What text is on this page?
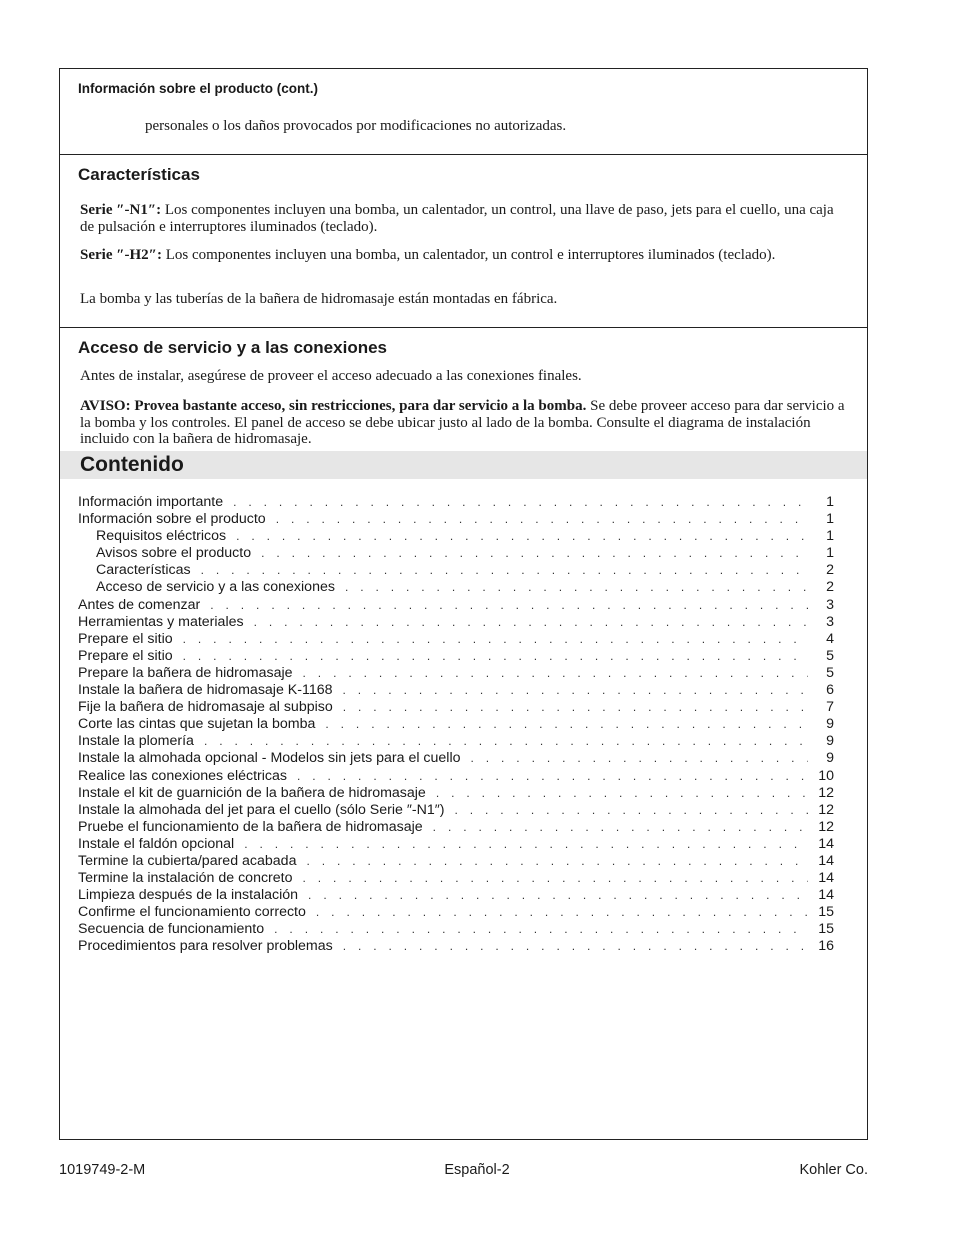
Información sobre el producto (cont.)
personales o los daños provocados por modificaciones no autorizadas.
Características
Serie ″-N1″: Los componentes incluyen una bomba, un calentador, un control, una llave de paso, jets para el cuello, una caja de pulsación e interruptores iluminados (teclado).
Serie ″-H2″: Los componentes incluyen una bomba, un calentador, un control e interruptores iluminados (teclado).
La bomba y las tuberías de la bañera de hidromasaje están montadas en fábrica.
Acceso de servicio y a las conexiones
Antes de instalar, asegúrese de proveer el acceso adecuado a las conexiones finales.
AVISO: Provea bastante acceso, sin restricciones, para dar servicio a la bomba. Se debe proveer acceso para dar servicio a la bomba y los controles. El panel de acceso se debe ubicar justo al lado de la bomba. Consulte el diagrama de instalación incluido con la bañera de hidromasaje.
Contenido
Información importante . . .	1
Información sobre el producto . . .	1
Requisitos eléctricos . . .	1
Avisos sobre el producto . . .	1
Características . . .	2
Acceso de servicio y a las conexiones . . .	2
Antes de comenzar . . .	3
Herramientas y materiales . . .	3
Prepare el sitio . . .	4
Prepare el sitio . . .	5
Prepare la bañera de hidromasaje . . .	5
Instale la bañera de hidromasaje K-1168 . . .	6
Fije la bañera de hidromasaje al subpiso . . .	7
Corte las cintas que sujetan la bomba . . .	9
Instale la plomería . . .	9
Instale la almohada opcional - Modelos sin jets para el cuello . . .	9
Realice las conexiones eléctricas . . .	10
Instale el kit de guarnición de la bañera de hidromasaje . . .	12
Instale la almohada del jet para el cuello (sólo Serie ″-N1″) . . .	12
Pruebe el funcionamiento de la bañera de hidromasaje . . .	12
Instale el faldón opcional . . .	14
Termine la cubierta/pared acabada . . .	14
Termine la instalación de concreto . . .	14
Limpieza después de la instalación . . .	14
Confirme el funcionamiento correcto . . .	15
Secuencia de funcionamiento . . .	15
Procedimientos para resolver problemas . . .	16
1019749-2-M	Español-2	Kohler Co.
